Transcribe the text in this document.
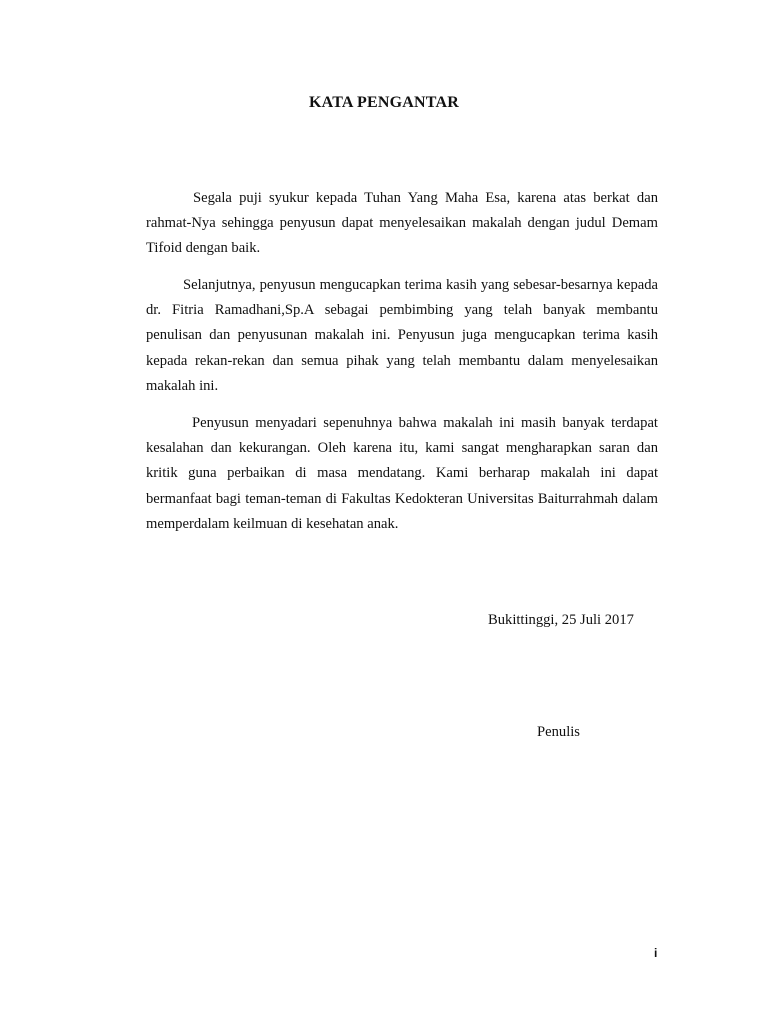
KATA PENGANTAR

Segala puji syukur kepada Tuhan Yang Maha Esa, karena atas berkat dan rahmat-Nya sehingga penyusun dapat menyelesaikan makalah dengan judul Demam Tifoid dengan baik.

Selanjutnya, penyusun mengucapkan terima kasih yang sebesar-besarnya kepada dr. Fitria Ramadhani,Sp.A sebagai pembimbing yang telah banyak membantu penulisan dan penyusunan makalah ini. Penyusun juga mengucapkan terima kasih kepada rekan-rekan dan semua pihak yang telah membantu dalam menyelesaikan makalah ini.

Penyusun menyadari sepenuhnya bahwa makalah ini masih banyak terdapat kesalahan dan kekurangan. Oleh karena itu, kami sangat mengharapkan saran dan kritik guna perbaikan di masa mendatang. Kami berharap makalah ini dapat bermanfaat bagi teman-teman di Fakultas Kedokteran Universitas Baiturrahmah dalam memperdalam keilmuan di kesehatan anak.

Bukittinggi, 25 Juli 2017
Penulis
i
